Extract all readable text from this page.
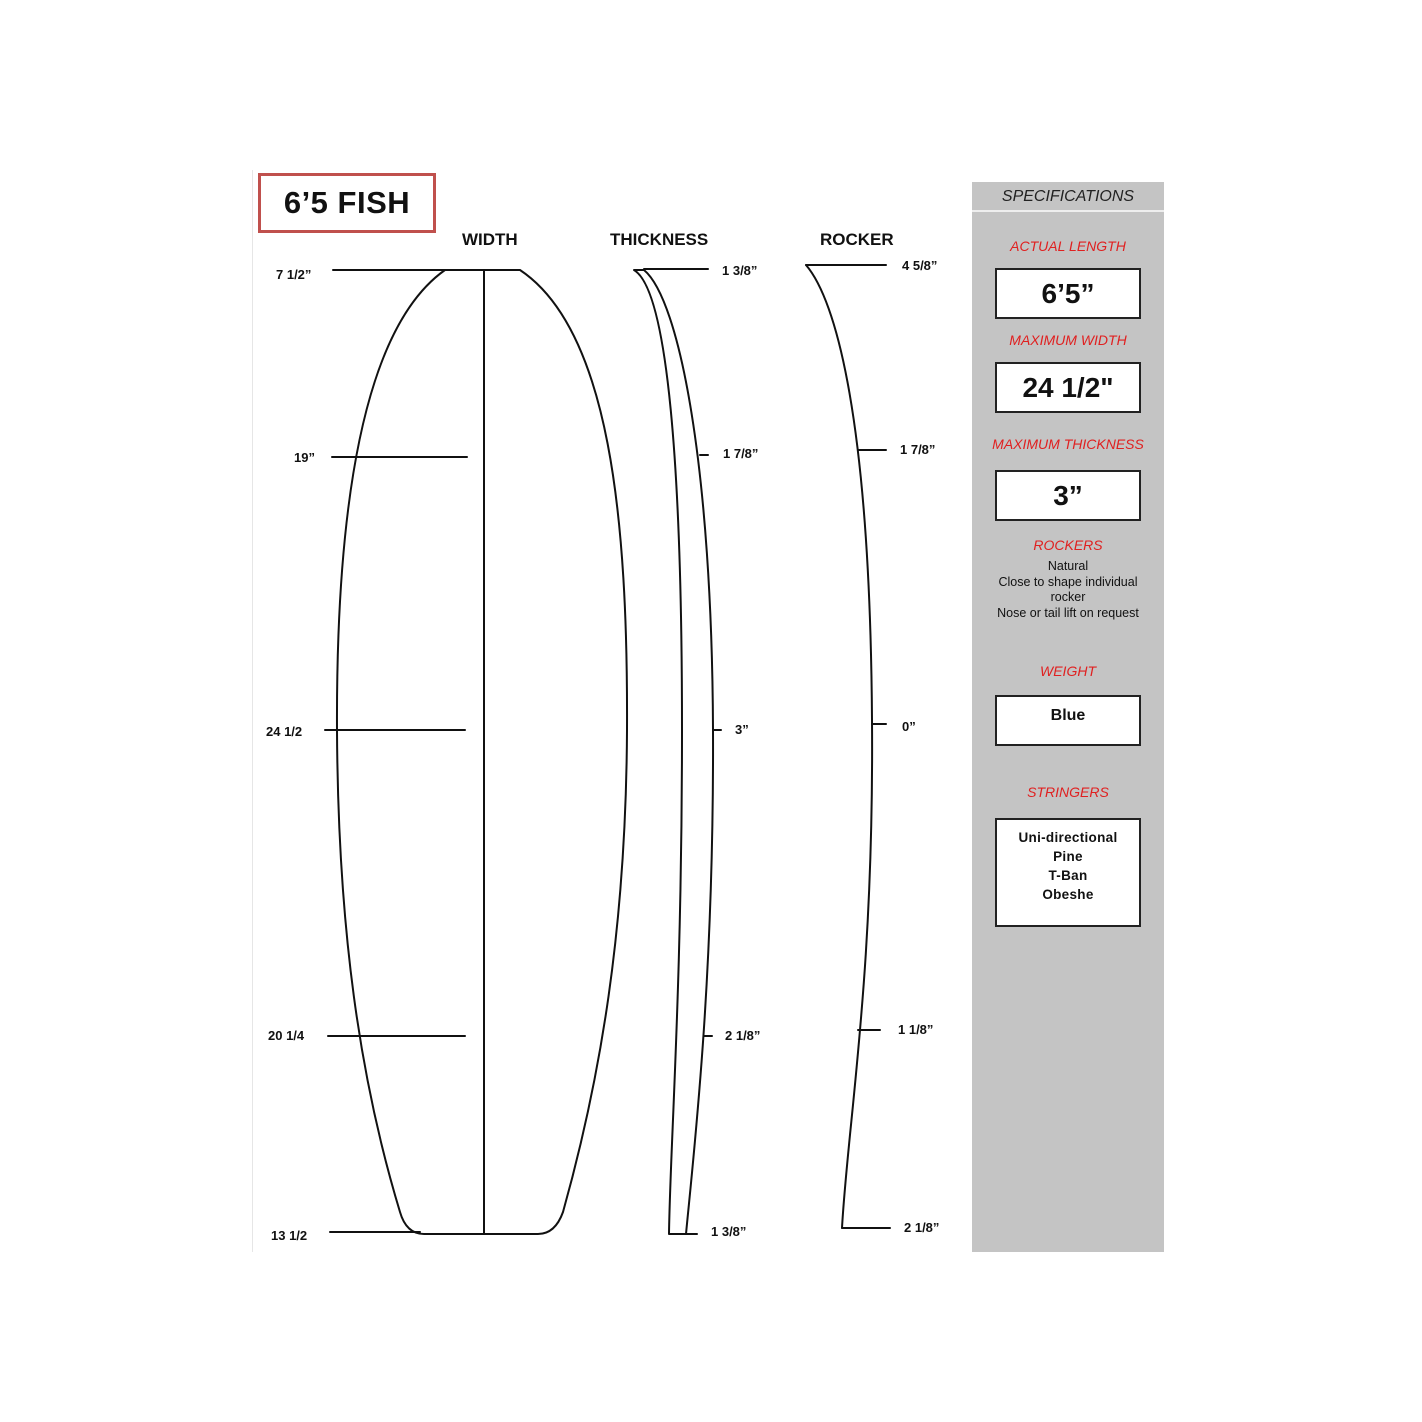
6’5 FISH
WIDTH	THICKNESS	ROCKER
7 1/2”
19”
24 1/2
20 1/4
13 1/2
1 3/8”
1 7/8”
3”
2 1/8”
1 3/8”
4 5/8”
1 7/8”
0”
1 1/8”
2 1/8”
SPECIFICATIONS
ACTUAL LENGTH
6’5”
MAXIMUM WIDTH
24 1/2"
MAXIMUM THICKNESS
3”
ROCKERS
Natural
Close to shape individual
rocker
Nose or tail lift on request
WEIGHT
Blue
STRINGERS
Uni-directional
Pine
T-Ban
Obeshe
